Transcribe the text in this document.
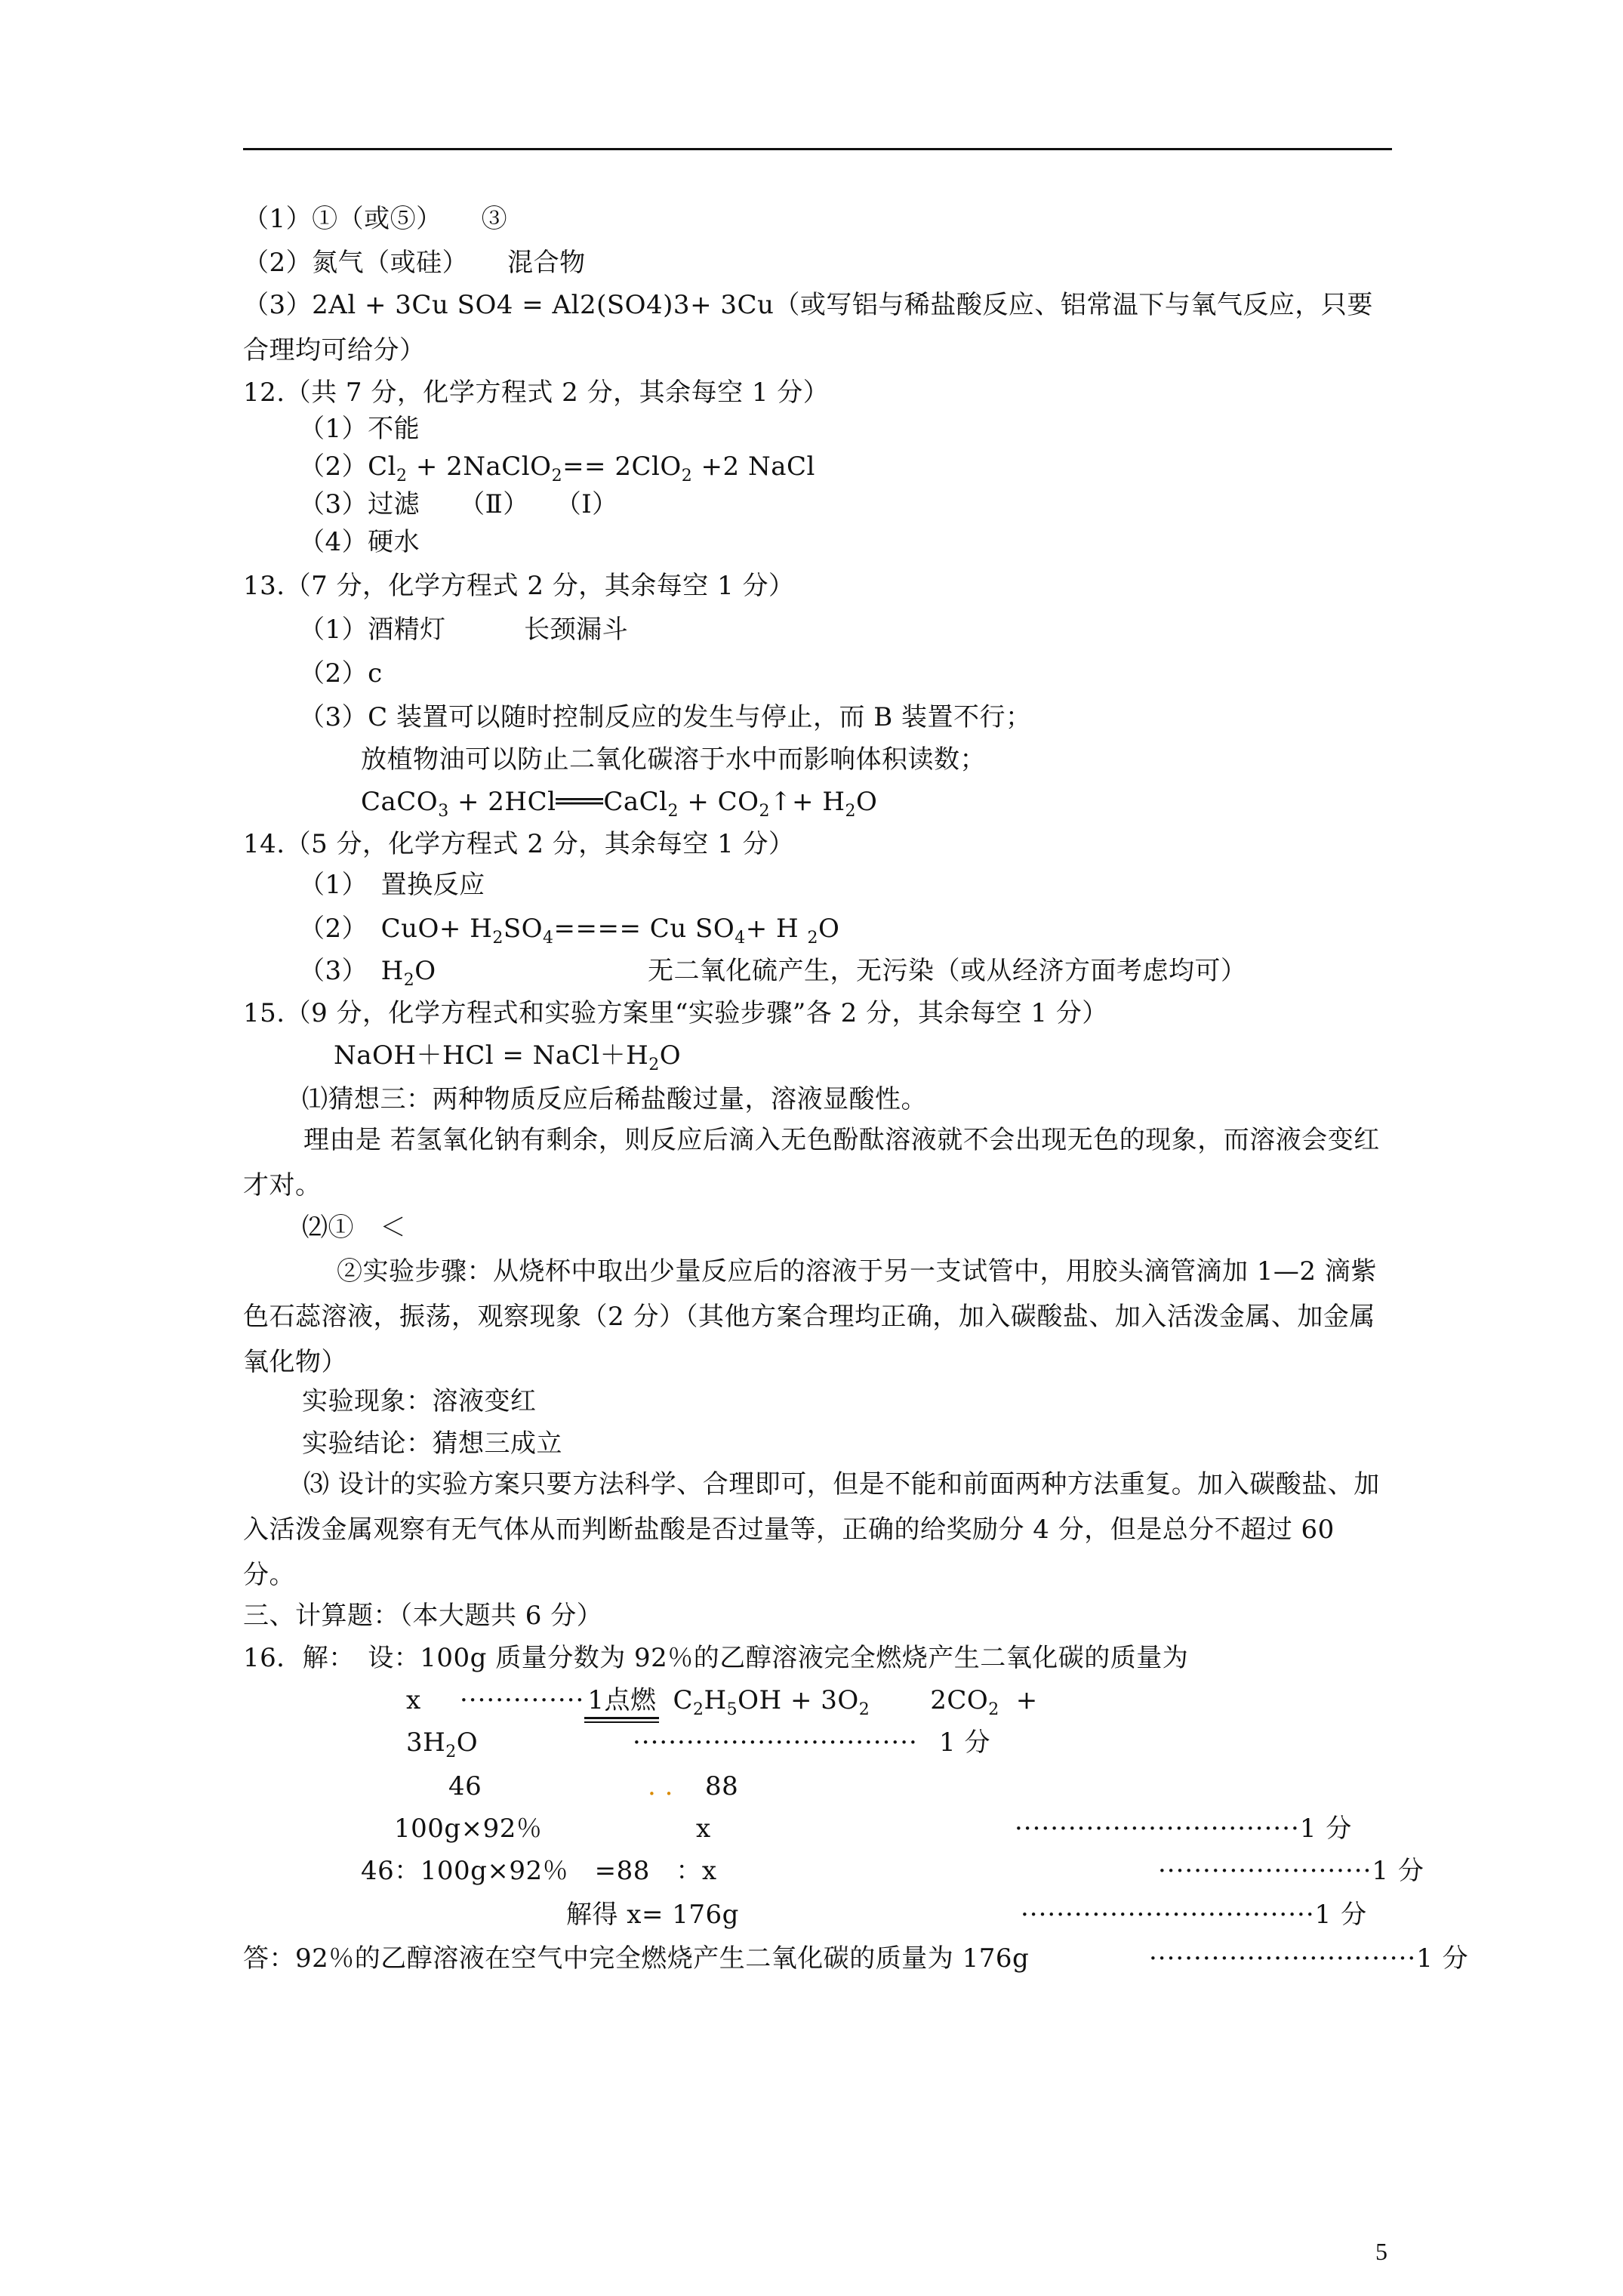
（1）①（或⑤）　　③
（2）氮气（或硅）　　混合物
（3）2Al + 3Cu SO4 = Al2(SO4)3+ 3Cu（或写铝与稀盐酸反应、铝常温下与氧气反应，只要合理均可给分）
12.（共 7 分，化学方程式 2 分，其余每空 1 分）
（1）不能
$(2)Cl_2$ + 2NaClO$_2$== 2ClO$_2$ +2 NaCl
（3）过滤　　（Ⅱ）　　（Ⅰ）
（4）硬水
13.（7 分，化学方程式 2 分，其余每空 1 分）
（1）酒精灯　　　长颈漏斗
（2）c
（3）C 装置可以随时控制反应的发生与停止，而 B 装置不行；
放植物油可以防止二氧化碳溶于水中而影响体积读数；
CaCO$_3$ + 2HCl═══CaCl$_2$ + $CO_2↑+ H_2O$
14.（5 分，化学方程式 2 分，其余每空 1 分）
（1）　置换反应
（2）　$CuO+ H_2SO_4==== Cu$ $SO_4+ H$ $_2$O
（3）　$H_2O$	无二氧化硫产生，无污染（或从经济方面考虑均可）
15.（9 分，化学方程式和实验方案里“实验步骤”各 2 分，其余每空 1 分）
NaOH＋HCl = $NaCl+H_2O$
⑴猜想三：两种物质反应后稀盐酸过量，溶液显酸性。
理由是 若氢氧化钠有剩余，则反应后滴入无色酚酞溶液就不会出现无色的现象，而溶液会变红才对。
⑵①　＜
②实验步骤：从烧杯中取出少量反应后的溶液于另一支试管中，用胶头滴管滴加 1—2 滴紫色石蕊溶液，振荡，观察现象（2 分）（其他方案合理均正确，加入碳酸盐、加入活泼金属、加金属氧化物）
实验现象：溶液变红
实验结论：猜想三成立
⑶ 设计的实验方案只要方法科学、合理即可，但是不能和前面两种方法重复。加入碳酸盐、加入活泼金属观察有无气体从而判断盐酸是否过量等，正确的给奖励分 4 分，但是总分不超过 60 分。
三、计算题：（本大题共 6 分）
16．解：　设：100g 质量分数为 92％的乙醇溶液完全燃烧产生二氧化碳的质量为
x ·············· 1点燃 $C_2H_5OH + 3O_2$ $2CO_2$ +
$3H_2O$	································ 1 分
46	. . 88
100g×92％	x	································1 分
46：100g×92％　=88　：x	························1 分
解得 x= 176g	·································1 分
答：92％的乙醇溶液在空气中完全燃烧产生二氧化碳的质量为 176g	······························1 分
5
